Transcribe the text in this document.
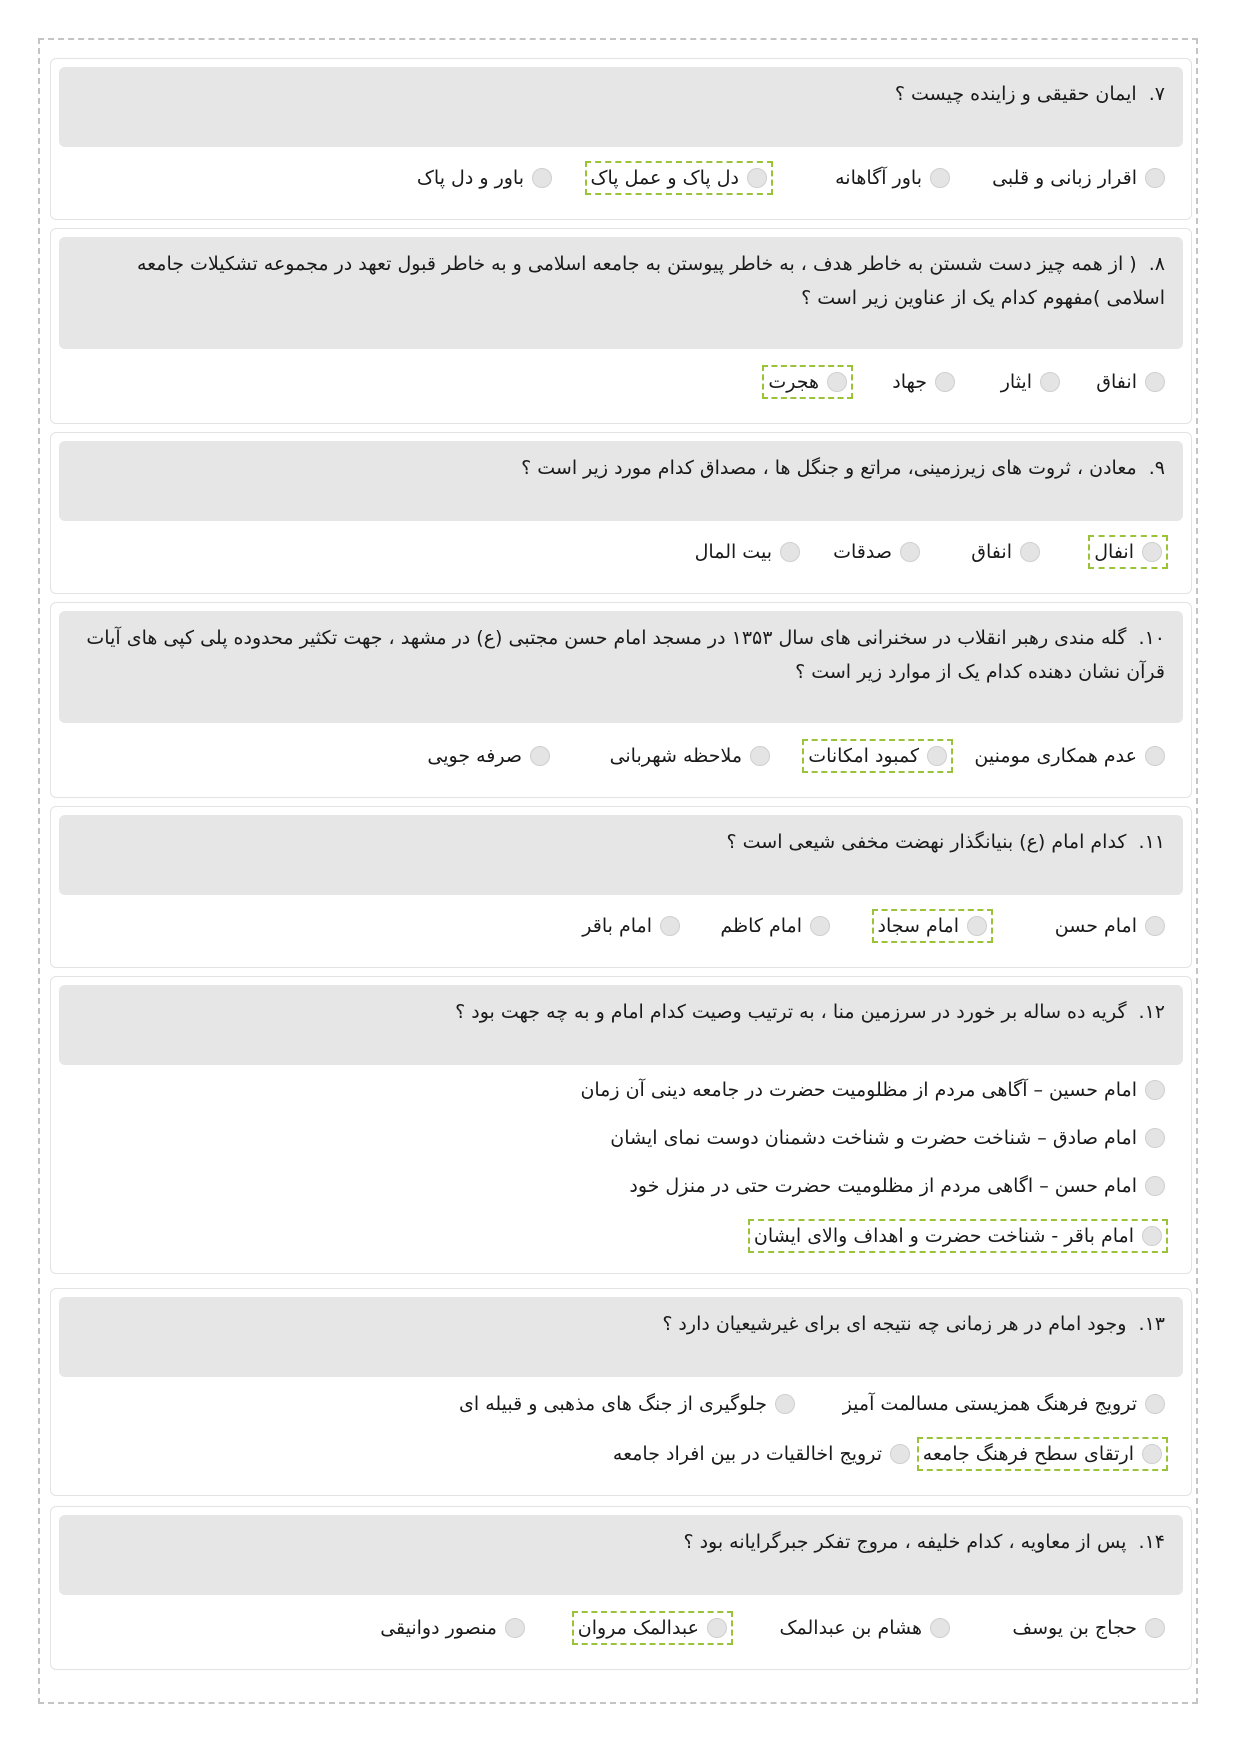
۷. ایمان حقیقی و زاینده چیست ؟
اقرار زبانی و قلبی
باور آگاهانه
دل پاک و عمل پاک
باور و دل پاک
۸. ( از همه چیز دست شستن به خاطر هدف ، به خاطر پیوستن به جامعه اسلامی و به خاطر قبول تعهد در مجموعه تشکیلات جامعه اسلامی )مفهوم کدام یک از عناوین زیر است ؟
انفاق
ایثار
جهاد
هجرت
۹. معادن ، ثروت های زیرزمینی، مراتع و جنگل ها ، مصداق کدام مورد زیر است ؟
انفال
انفاق
صدقات
بیت المال
۱۰. گله مندی رهبر انقلاب در سخنرانی های سال ۱۳۵۳ در مسجد امام حسن مجتبی (ع) در مشهد ، جهت تکثیر محدوده پلی کپی های آیات قرآن نشان دهنده کدام یک از موارد زیر است ؟
عدم همکاری مومنین
کمبود امکانات
ملاحظه شهربانی
صرفه جویی
۱۱. کدام امام (ع) بنیانگذار نهضت مخفی شیعی است ؟
امام حسن
امام سجاد
امام کاظم
امام باقر
۱۲. گریه ده ساله بر خورد در سرزمین منا ، به ترتیب وصیت کدام امام و به چه جهت بود ؟
امام حسین – آگاهی مردم از مظلومیت حضرت در جامعه دینی آن زمان
امام صادق – شناخت حضرت و شناخت دشمنان دوست نمای ایشان
امام حسن – اگاهی مردم از مظلومیت حضرت حتی در منزل خود
امام باقر - شناخت حضرت و اهداف والای ایشان
۱۳. وجود امام در هر زمانی چه نتیجه ای برای غیرشیعیان دارد ؟
ترویج فرهنگ همزیستی مسالمت آمیز
جلوگیری از جنگ های مذهبی و قبیله ای
ارتقای سطح فرهنگ جامعه
ترویج اخالقیات در بین افراد جامعه
۱۴. پس از معاویه ، کدام خلیفه ، مروج تفکر جبرگرایانه بود ؟
حجاج بن یوسف
هشام بن عبدالمک
عبدالمک مروان
منصور دوانیقی
